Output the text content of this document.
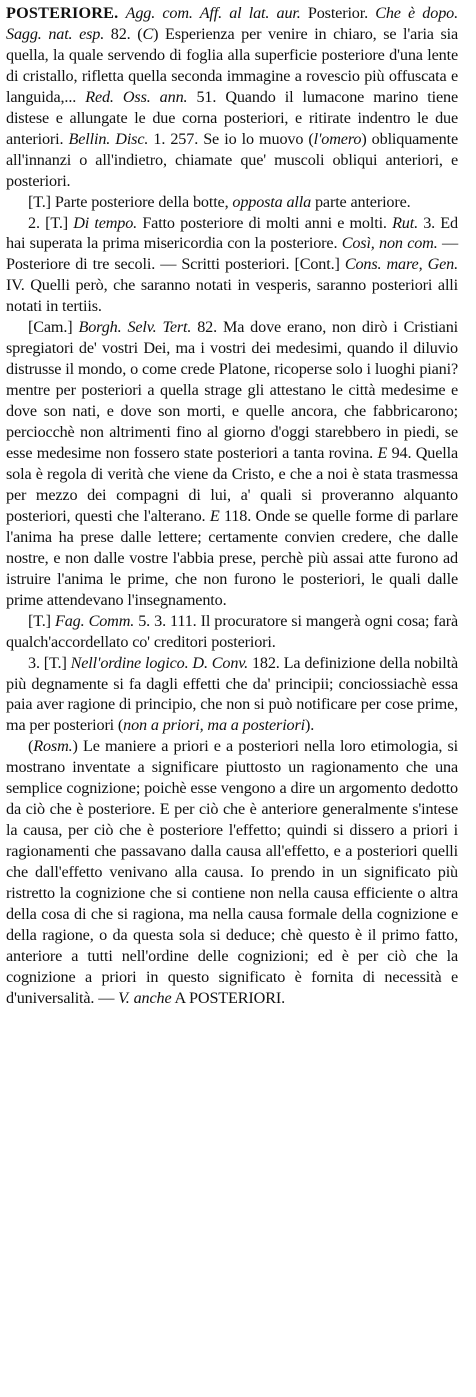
POSTERIORE. Agg. com. Aff. al lat. aur. Posterior. Che è dopo. Sagg. nat. esp. 82. (C) Esperienza per venire in chiaro, se l'aria sia quella, la quale servendo di foglia alla superficie posteriore d'una lente di cristallo, rifletta quella seconda immagine a rovescio più offuscata e languida,... Red. Oss. ann. 51. Quando il lumacone marino tiene distese e allungate le due corna posteriori, e ritirate indentro le due anteriori. Bellin. Disc. 1. 257. Se io lo muovo (l'omero) obliquamente all'innanzi o all'indietro, chiamate que' muscoli obliqui anteriori, e posteriori.

[T.] Parte posteriore della botte, opposta alla parte anteriore.

2. [T.] Di tempo. Fatto posteriore di molti anni e molti. Rut. 3. Ed hai superata la prima misericordia con la posteriore. Così, non com. — Posteriore di tre secoli. — Scritti posteriori. [Cont.] Cons. mare, Gen. IV. Quelli però, che saranno notati in vesperis, saranno posteriori alli notati in tertiis.

[Cam.] Borgh. Selv. Tert. 82. Ma dove erano, non dirò i Cristiani spregiatori de' vostri Dei, ma i vostri dei medesimi, quando il diluvio distrusse il mondo, o come crede Platone, ricoperse solo i luoghi piani? mentre per posteriori a quella strage gli attestano le città medesime e dove son nati, e dove son morti, e quelle ancora, che fabbricarono; perciocchè non altrimenti fino al giorno d'oggi starebbero in piedi, se esse medesime non fossero state posteriori a tanta rovina. E 94. Quella sola è regola di verità che viene da Cristo, e che a noi è stata trasmessa per mezzo dei compagni di lui, a' quali si proveranno alquanto posteriori, questi che l'alterano. E 118. Onde se quelle forme di parlare l'anima ha prese dalle lettere; certamente convien credere, che dalle nostre, e non dalle vostre l'abbia prese, perchè più assai atte furono ad istruire l'anima le prime, che non furono le posteriori, le quali dalle prime attendevano l'insegnamento.

[T.] Fag. Comm. 5. 3. 111. Il procuratore si mangerà ogni cosa; farà qualch'accordellato co' creditori posteriori.

3. [T.] Nell'ordine logico. D. Conv. 182. La definizione della nobiltà più degnamente si fa dagli effetti che da' principii; conciossiachè essa paia aver ragione di principio, che non si può notificare per cose prime, ma per posteriori (non a priori, ma a posteriori).

(Rosm.) Le maniere a priori e a posteriori nella loro etimologia, si mostrano inventate a significare piuttosto un ragionamento che una semplice cognizione; poichè esse vengono a dire un argomento dedotto da ciò che è posteriore. E per ciò che è anteriore generalmente s'intese la causa, per ciò che è posteriore l'effetto; quindi si dissero a priori i ragionamenti che passavano dalla causa all'effetto, e a posteriori quelli che dall'effetto venivano alla causa. Io prendo in un significato più ristretto la cognizione che si contiene non nella causa efficiente o altra della cosa di che si ragiona, ma nella causa formale della cognizione e della ragione, o da questa sola si deduce; chè questo è il primo fatto, anteriore a tutti nell'ordine delle cognizioni; ed è per ciò che la cognizione a priori in questo significato è fornita di necessità e d'universalità. — V. anche A POSTERIORI.
